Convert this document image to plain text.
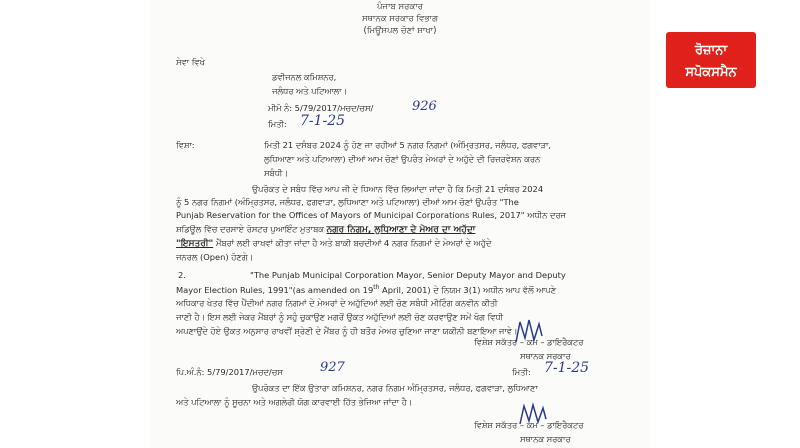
ਪੰਜਾਬ ਸਰਕਾਰ
ਸਥਾਨਕ ਸਰਕਾਰ ਵਿਭਾਗ
(ਮਿਊਂਸਪਲ ਚੋਣਾਂ ਸ਼ਾਖਾ)
ਸੇਵਾ ਵਿਖੇ
ਡਵੀਜਨਲ ਕਮਿਸ਼ਨਰ,
ਜਲੰਧਰ ਅਤੇ ਪਟਿਆਲਾ।
ਮੀਮੋ ਨੰ: 5/79/2017/ਮਚਦ/ਚਸ/	926
ਮਿਤੀ: 7-1-25
ਵਿਸ਼ਾ:	ਮਿਤੀ 21 ਦਸੰਬਰ 2024 ਨੂੰ ਹੋਣ ਜਾ ਰਹੀਆਂ 5 ਨਗਰ ਨਿਗਮਾਂ (ਅੰਮ੍ਰਿਤਸਰ, ਜਲੰਧਰ, ਫਗਵਾੜਾ,
ਲੁਧਿਆਣਾ ਅਤੇ ਪਟਿਆਲਾ) ਦੀਆਂ ਆਮ ਚੋਣਾਂ ਉਪਰੰਤ ਮੇਅਰਾਂ ਦੇ ਅਹੁੱਦੇ ਦੀ ਰਿਜ਼ਰਵੇਸ਼ਨ ਕਰਨ
ਸਬੰਧੀ।
ਉਪਰੋਕਤ ਦੇ ਸਬੰਧ ਵਿੱਚ ਆਪ ਜੀ ਦੇ ਧਿਆਨ ਵਿੱਚ ਲਿਆਂਦਾ ਜਾਂਦਾ ਹੈ ਕਿ ਮਿਤੀ 21 ਦਸੰਬਰ 2024
ਨੂੰ 5 ਨਗਰ ਨਿਗਮਾਂ (ਅੰਮ੍ਰਿਤਸਰ, ਜਲੰਧਰ, ਫਗਵਾੜਾ, ਲੁਧਿਆਣਾ ਅਤੇ ਪਟਿਆਲਾ) ਦੀਆਂ ਆਮ ਚੋਣਾਂ ਉਪਰੰਤ "The
Punjab Reservation for the Offices of Mayors of Municipal Corporations Rules, 2017" ਅਧੀਨ ਦਰਜ
ਸ਼ਡਿਊਲ ਵਿੱਚ ਦਰਸਾਏ ਰੋਸਟਰ ਪੁਆਇੰਟ ਮੁਤਾਬਕ ਨਗਰ ਨਿਗਮ, ਲੁਧਿਆਣਾ ਦੇ ਮੇਅਰ ਦਾ ਅਹੁੱਦਾ
"ਇਸਤਰੀ" ਮੈਂਬਰਾਂ ਲਈ ਰਾਖਵਾਂ ਕੀਤਾ ਜਾਂਦਾ ਹੈ ਅਤੇ ਬਾਕੀ ਬਚਦੀਆਂ 4 ਨਗਰ ਨਿਗਮਾਂ ਦੇ ਮੇਅਰਾਂ ਦੇ ਅਹੁੱਦੇ
ਜਨਰਲ (Open) ਹੋਣਗੇ।
2.	"The Punjab Municipal Corporation Mayor, Senior Deputy Mayor and Deputy
Mayor Election Rules, 1991"(as amended on 19th April, 2001) ਦੇ ਨਿਯਮ 3(1) ਅਧੀਨ ਆਪ ਵੱਲੋਂ ਆਪਣੇ
ਅਧਿਕਾਰ ਖੇਤਰ ਵਿੱਚ ਪੈਂਦੀਆਂ ਨਗਰ ਨਿਗਮਾਂ ਦੇ ਮੇਅਰਾਂ ਦੇ ਅਹੁੱਦਿਆਂ ਲਈ ਚੋਣ ਸਬੰਧੀ ਮੀਟਿੰਗ ਕਨਵੀਨ ਕੀਤੀ
ਜਾਣੀ ਹੈ। ਇਸ ਲਈ ਜੇਕਰ ਮੈਂਬਰਾਂ ਨੂੰ ਸਹੁੰ ਚੁਕਾਉਣ ਮਗਰੋਂ ਉਕਤ ਅਹੁੱਦਿਆਂ ਲਈ ਚੋਣ ਕਰਵਾਉਣ ਸਮੇਂ ਖੋਗ ਵਿਧੀ
ਅਪਣਾਉਂਦੇ ਹੋਏ ਉਕਤ ਅਨੁਸਾਰ ਰਾਖਵੀਂ ਸ਼੍ਰੇਣੀ ਦੇ ਮੈਂਬਰ ਨੂੰ ਹੀ ਬਤੌਰ ਮੇਅਰ ਚੁਣਿਆ ਜਾਣਾ ਯਕੀਨੀ ਬਣਾਇਆ ਜਾਵੇ।
ਵਿਸ਼ੇਸ਼ ਸਕੱਤਰ – ਕਮ – ਡਾਇਰੈਕਟਰ
ਸਥਾਨਕ ਸਰਕਾਰ
ਪਿ.ਅੰ.ਨੰ: 5/79/2017/ਮਚਦ/ਚਸ	927	ਮਿਤੀ: 7-1-25
ਉਪਰੋਕਤ ਦਾ ਇੱਕ ਉਤਾਰਾ ਕਮਿਸ਼ਨਰ, ਨਗਰ ਨਿਗਮ ਅੰਮ੍ਰਿਤਸਰ, ਜਲੰਧਰ, ਫਗਵਾੜਾ, ਲੁਧਿਆਣਾ
ਅਤੇ ਪਟਿਆਲਾ ਨੂੰ ਸੂਚਨਾ ਅਤੇ ਅਗਲੇਰੀ ਯੋਗ ਕਾਰਵਾਈ ਹਿੱਤ ਭੇਜਿਆ ਜਾਂਦਾ ਹੈ।
ਵਿਸ਼ੇਸ਼ ਸਕੱਤਰ – ਕਮ – ਡਾਇਰੈਕਟਰ
ਸਥਾਨਕ ਸਰਕਾਰ
ਰੋਜ਼ਾਨਾ
ਸਪੋਕਸਮੈਨ
